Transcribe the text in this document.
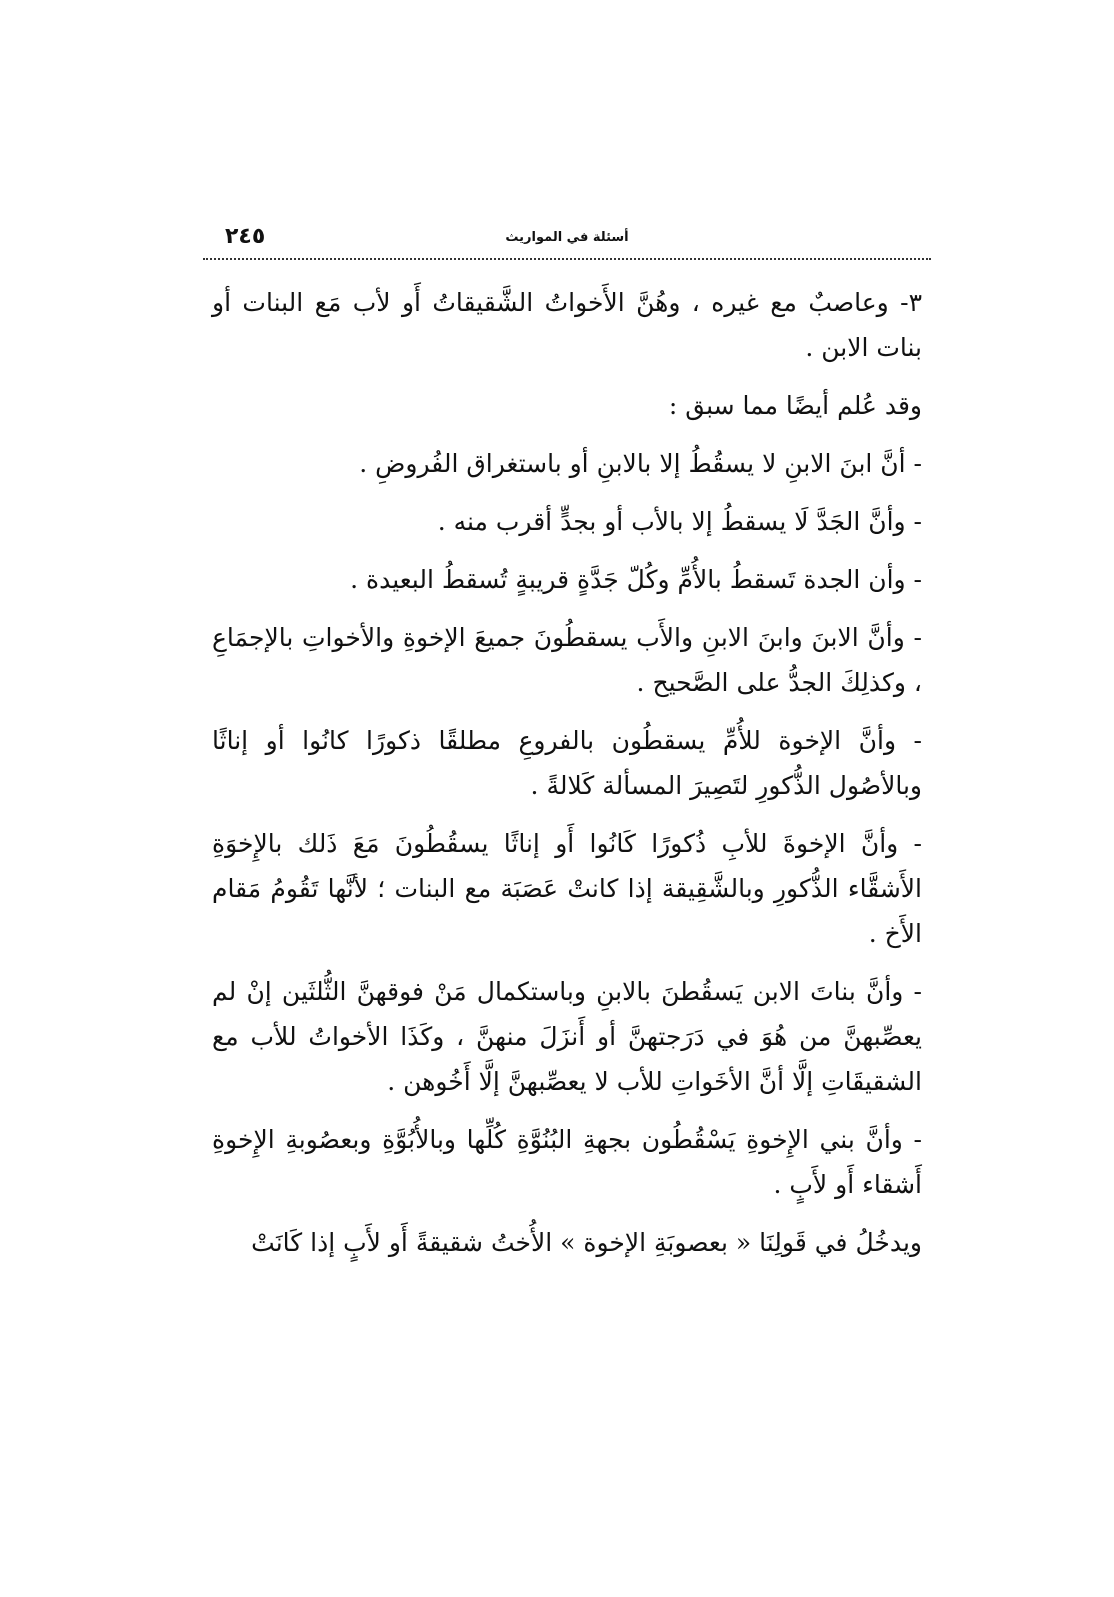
أسئلة في المواريث
٢٤٥

٣- وعاصبٌ مع غيره ، وهُنَّ الأَخواتُ الشَّقيقاتُ أَو لأب مَع البنات أو بنات الابن .

وقد عُلم أيضًا مما سبق :

- أنَّ ابنَ الابنِ لا يسقُطُ إلا بالابنِ أو باستغراق الفُروضِ .

- وأنَّ الجَدَّ لَا يسقطُ إلا بالأب أو بجدٍّ أقرب منه .

- وأن الجدة تَسقطُ بالأُمِّ وكُلّ جَدَّةٍ قريبةٍ تُسقطُ البعيدة .

- وأنَّ الابنَ وابنَ الابنِ والأَب يسقطُونَ جميعَ الإخوةِ والأخواتِ بالإجمَاعِ ، وكذلِكَ الجدُّ على الصَّحيح .

- وأنَّ الإخوة للأُمِّ يسقطُون بالفروعِ مطلقًا ذكورًا كانُوا أو إناثًا وبالأصُول الذُّكورِ لتَصِيرَ المسألة كَلالةً .

- وأنَّ الإخوةَ للأبِ ذُكورًا كَانُوا أَو إناثًا يسقُطُونَ مَعَ ذَلك بالإِخوَةِ الأَشقَّاء الذُّكورِ وبالشَّقِيقة إذا كانتْ عَصَبَة مع البنات ؛ لأنَّها تَقُومُ مَقام الأَخ .

- وأنَّ بناتَ الابن يَسقُطنَ بالابنِ وباستكمال مَنْ فوقهنَّ الثُّلثَين إنْ لم يعصِّبهنَّ من هُوَ في دَرَجتهنَّ أو أَنزَلَ منهنَّ ، وكَذَا الأخواتُ للأب مع الشقيقَاتِ إلَّا أنَّ الأخَواتِ للأب لا يعصِّبهنَّ إلَّا أَخُوهن .

- وأنَّ بني الإِخوةِ يَسْقُطُون بجهةِ البُنُوَّةِ كُلِّها وبالأُبُوَّةِ وبعصُوبةِ الإِخوةِ أَشقاء أَو لأَبٍ .

ويدخُلُ في قَولِنَا « بعصوبَةِ الإخوة » الأُختُ شقيقةً أَو لأَبٍ إذا كَانَتْ
